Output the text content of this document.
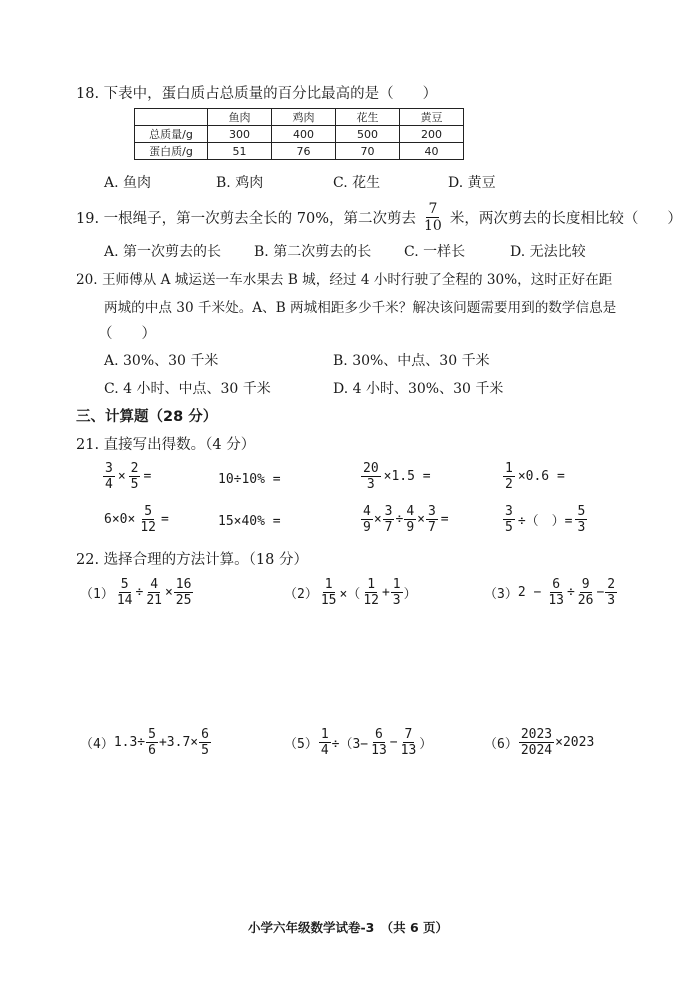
18. 下表中，蛋白质占总质量的百分比最高的是（　　）
	鱼肉	鸡肉	花生	黄豆
总质量/g	300	400	500	200
蛋白质/g	51	76	70	40
A. 鱼肉	B. 鸡肉	C. 花生	D. 黄豆
19. 一根绳子，第一次剪去全长的 70%，第二次剪去 $\frac{7}{10}$ 米，两次剪去的长度相比较（　　）
A. 第一次剪去的长 B. 第二次剪去的长 C. 一样长	D. 无法比较
20. 王师傅从 A 城运送一车水果去 B 城，经过 4 小时行驶了全程的 30%，这时正好在距
两城的中点 30 千米处。A、B 两城相距多少千米？解决该问题需要用到的数学信息是
（　　）
A. 30%、30 千米	B. 30%、中点、30 千米
C. 4 小时、中点、30 千米	D. 4 小时、30%、30 千米
三、计算题（28 分）
21. 直接写出得数。（4 分）
$\frac{3}{4} \times \frac{2}{5}$ =	10÷10% =	$\frac{20}{3} \times 1.5$ =	$\frac{1}{2} \times 0.6$ =
$6\times 0\times \frac{5}{12}$ =	15×40% =	$\frac{4}{9} \times \frac{3}{7} \div \frac{4}{9} \times \frac{3}{7}$ =	$\frac{3}{5}$ ÷（　）= $\frac{5}{3}$
22. 选择合理的方法计算。（18 分）
$(1) \frac{5}{14} \div \frac{4}{21} \times \frac{16}{25}$	$(2) \frac{1}{15}$ ×（ $\frac{1}{12} + \frac{1}{3}$ ）	（3） $2 - \frac{6}{13} \div \frac{9}{26} - \frac{2}{3}$
（4） $1.3\div \frac{5}{6} +3.7\times \frac{6}{5}$	$(5) \frac{1}{4} \div(3- \frac{6}{13} - \frac{7}{13}$ ）	$(6) \frac{2023}{2024} \times 2023$
小学六年级数学试卷-3　（共 6 页）
